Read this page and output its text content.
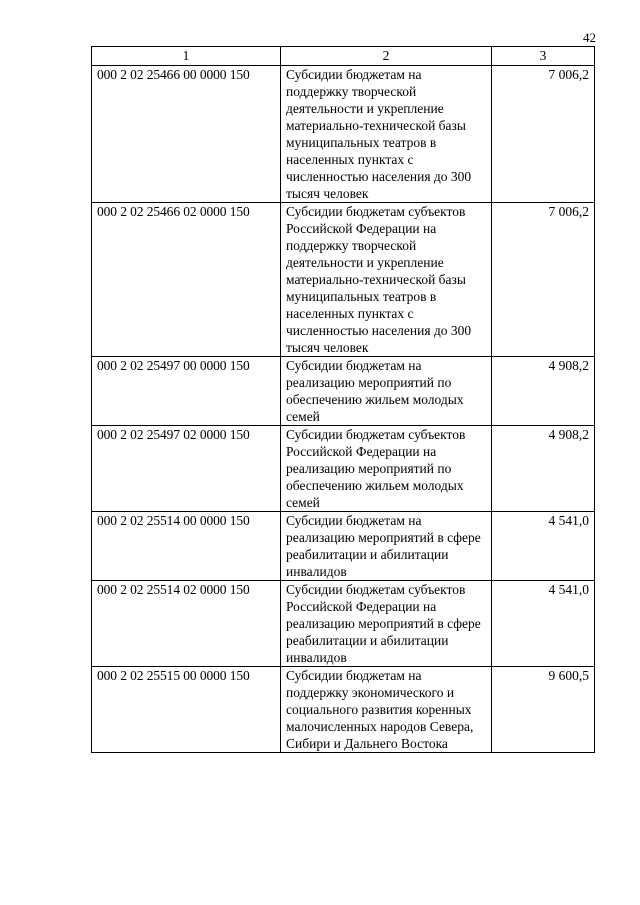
42
1	2	3
000 2 02 25466 00 0000 150	Субсидии бюджетам на поддержку творческой деятельности и укрепление материально-технической базы муниципальных театров в населенных пунктах с численностью населения до 300 тысяч человек	7 006,2
000 2 02 25466 02 0000 150	Субсидии бюджетам субъектов Российской Федерации на поддержку творческой деятельности и укрепление материально-технической базы муниципальных театров в населенных пунктах с численностью населения до 300 тысяч человек	7 006,2
000 2 02 25497 00 0000 150	Субсидии бюджетам на реализацию мероприятий по обеспечению жильем молодых семей	4 908,2
000 2 02 25497 02 0000 150	Субсидии бюджетам субъектов Российской Федерации на реализацию мероприятий по обеспечению жильем молодых семей	4 908,2
000 2 02 25514 00 0000 150	Субсидии бюджетам на реализацию мероприятий в сфере реабилитации и абилитации инвалидов	4 541,0
000 2 02 25514 02 0000 150	Субсидии бюджетам субъектов Российской Федерации на реализацию мероприятий в сфере реабилитации и абилитации инвалидов	4 541,0
000 2 02 25515 00 0000 150	Субсидии бюджетам на поддержку экономического и социального развития коренных малочисленных народов Севера, Сибири и Дальнего Востока	9 600,5
